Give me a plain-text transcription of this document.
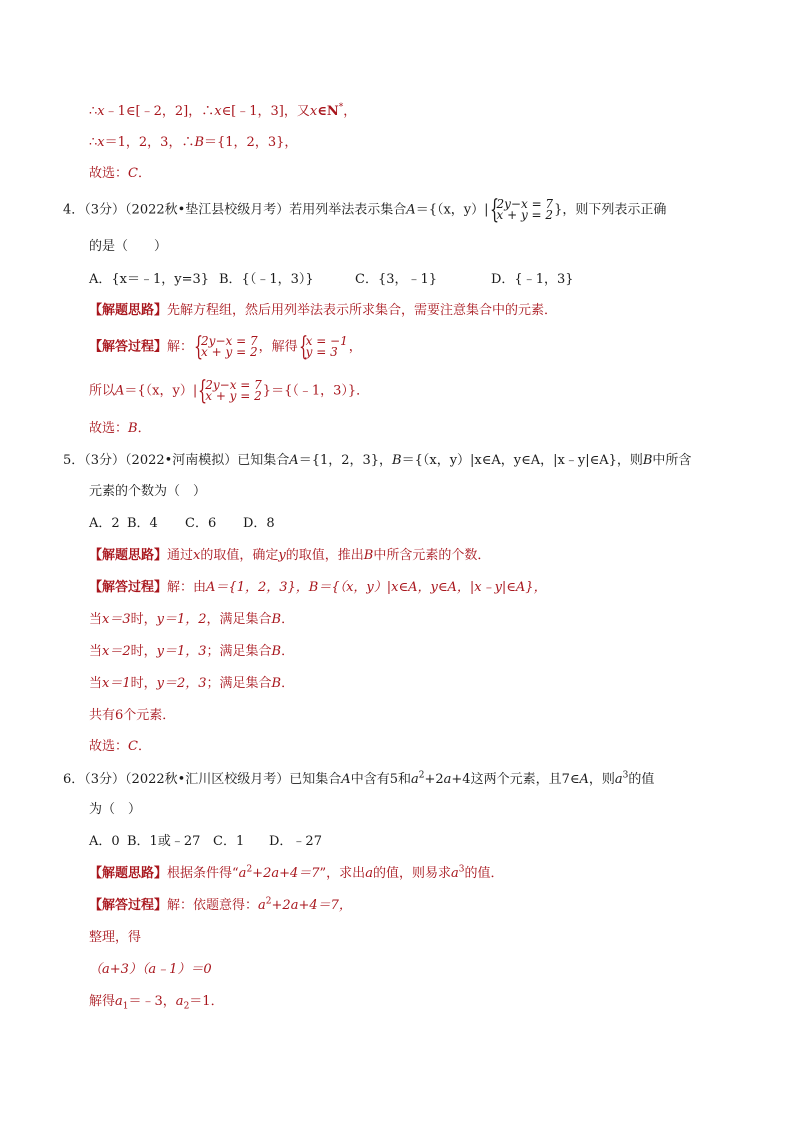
∴x﹣1∈[﹣2，2]，∴x∈[﹣1，3]，又x∈N*，
∴x＝1，2，3，∴B＝{1，2，3}，
故选：C．
4．（3分）（2022秋•垫江县校级月考）若用列举法表示集合A＝{（x，y）| {
2y−x = 7
x + y = 2 }，则下列表示正确
的是（　　）
A．{x＝﹣1，y=3} B．{（﹣1，3）}	C．{3，﹣1}	D．{﹣1，3}
【解题思路】先解方程组，然后用列举法表示所求集合，需要注意集合中的元素．
【解答过程】解： {
2y−x = 7
x + y = 2 ，解得 {
x = −1
y = 3 ，
所以A＝{（x，y）| {
2y−x = 7
x + y = 2 }＝{（﹣1，3）}．
故选：B．
5．（3分）（2022•河南模拟）已知集合A＝{1，2，3}，B＝{（x，y）|x∈A，y∈A，|x﹣y|∈A}，则B中所含
元素的个数为（　）
A．2 B．4 C．6 D．8
【解题思路】通过x的取值，确定y的取值，推出B中所含元素的个数．
【解答过程】解：由A＝{1，2，3}，B＝{（x，y）|x∈A，y∈A，|x﹣y|∈A}，
当x＝3时，y＝1，2，满足集合B．
当x＝2时，y＝1，3；满足集合B．
当x＝1时，y＝2，3；满足集合B．
共有6个元素．
故选：C．
6．（3分）（2022秋•汇川区校级月考）已知集合A中含有5和$a^2+2a+4$这两个元素，且7∈A，则$a^3$的值
为（　）
A．0 B．1或﹣27 C．1 D．﹣27
【解题思路】根据条件得“$a^2+2a+4=7$”，求出a的值，则易求$a^3$的值．
【解答过程】解：依题意得：$a^2+2a+4=7$，
整理，得
（a+3）（a﹣1）＝0
解得$a_1=﹣3$，$a_2=1$．
